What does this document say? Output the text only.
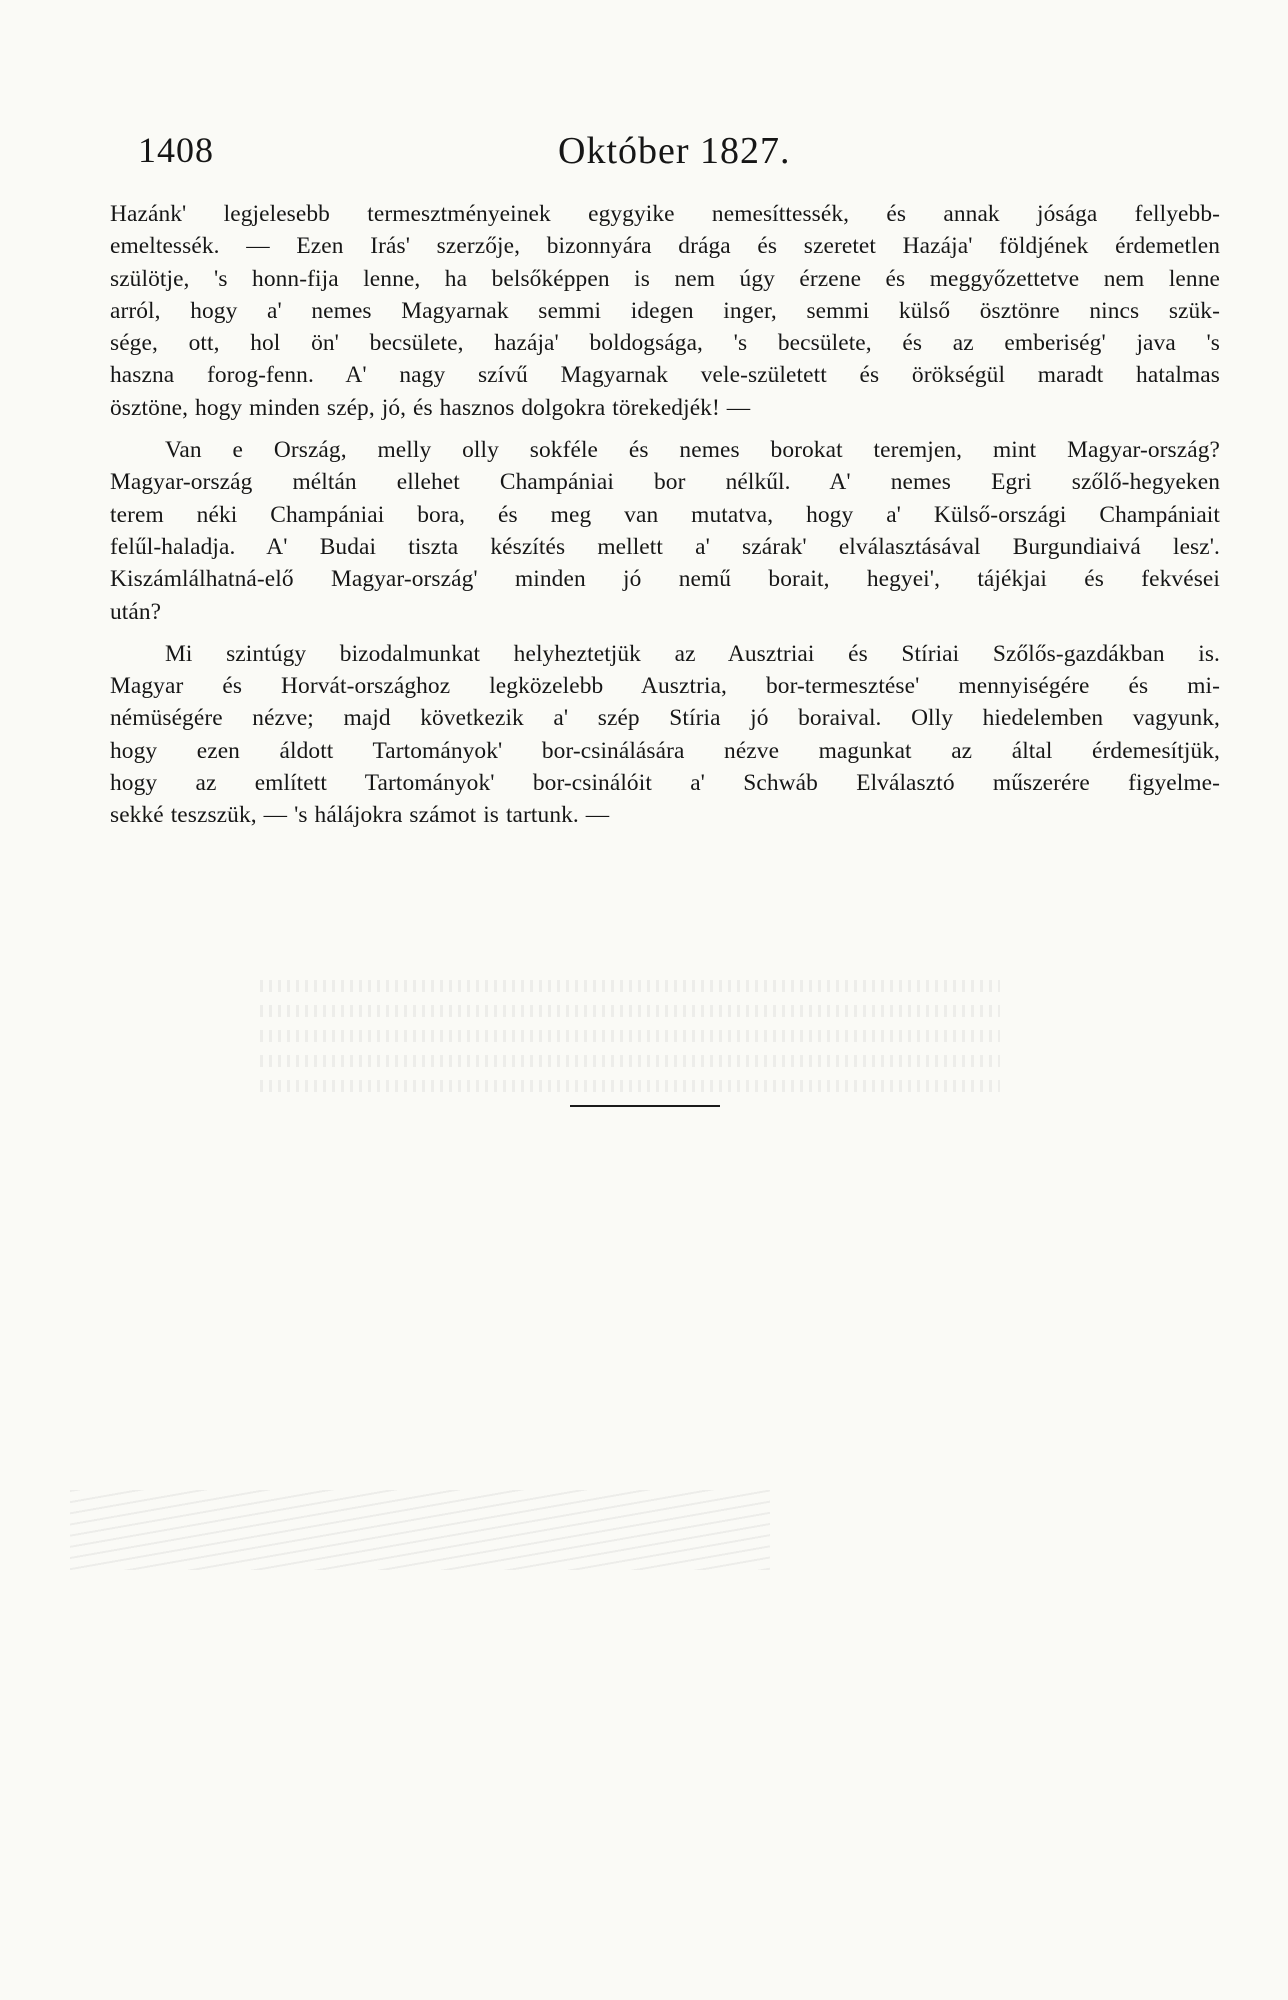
1408	Október 1827.
Hazánk' legjelesebb termesztményeinek egygyike nemesíttessék, és annak jósága fellyebb-
emeltessék. — Ezen Irás' szerzője, bizonnyára drága és szeretet Hazája' földjének érdemetlen
szülötje, 's honn-fija lenne, ha belsőképpen is nem úgy érzene és meggyőzettetve nem lenne
arról, hogy a' nemes Magyarnak semmi idegen inger, semmi külső ösztönre nincs szük-
sége, ott, hol ön' becsülete, hazája' boldogsága, 's becsülete, és az emberiség' java 's
haszna forog-fenn. A' nagy szívű Magyarnak vele-született és örökségül maradt hatalmas
ösztöne, hogy minden szép, jó, és hasznos dolgokra törekedjék! —
Van e Ország, melly olly sokféle és nemes borokat teremjen, mint Magyar-ország?
Magyar-ország méltán ellehet Champániai bor nélkűl. A' nemes Egri szőlő-hegyeken
terem néki Champániai bora, és meg van mutatva, hogy a' Külső-országi Champániait
felűl-haladja. A' Budai tiszta készítés mellett a' szárak' elválasztásával Burgundiaivá lesz'.
Kiszámlálhatná-elő Magyar-ország' minden jó nemű borait, hegyei', tájékjai és fekvései
után?
Mi szintúgy bizodalmunkat helyheztetjük az Ausztriai és Stíriai Szőlős-gazdákban is.
Magyar és Horvát-országhoz legközelebb Ausztria, bor-termesztése' mennyiségére és mi-
némüségére nézve; majd következik a' szép Stíria jó boraival. Olly hiedelemben vagyunk,
hogy ezen áldott Tartományok' bor-csinálására nézve magunkat az által érdemesítjük,
hogy az említett Tartományok' bor-csinálóit a' Schwáb Elválasztó műszerére figyelme-
sekké teszszük, — 's hálájokra számot is tartunk. —
